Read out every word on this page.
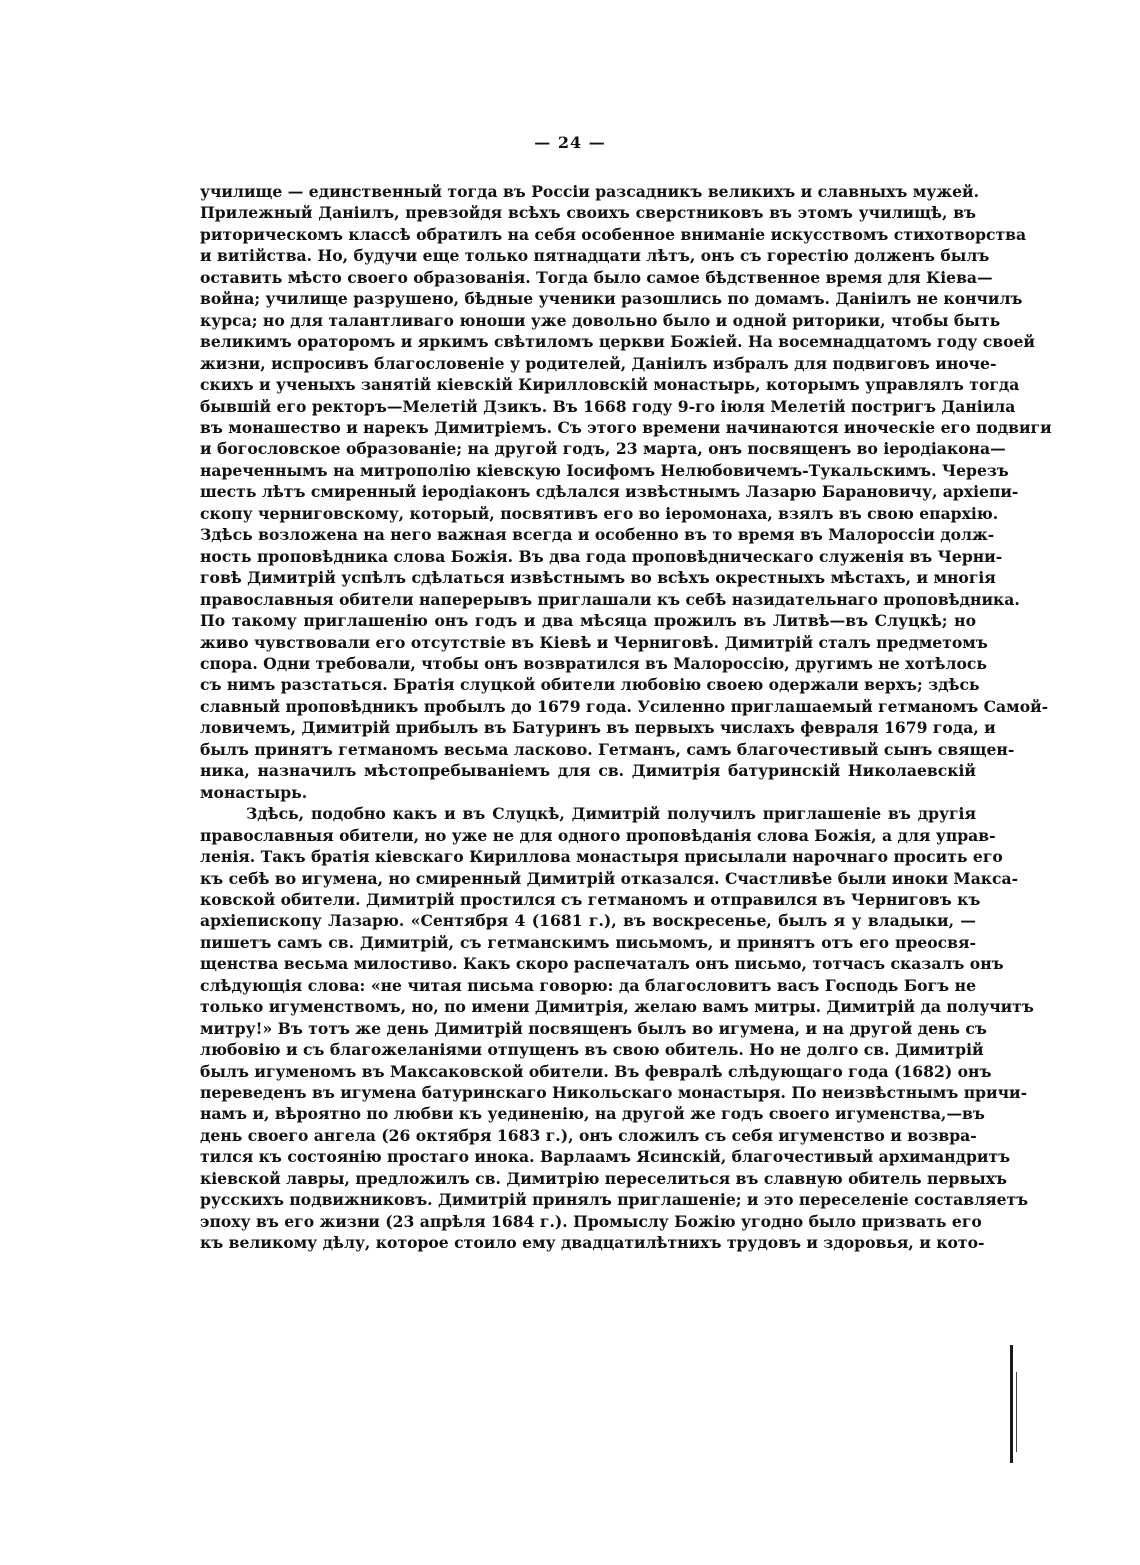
— 24 —
училище — единственный тогда въ Россіи разсадникъ великихъ и славныхъ мужей.
Прилежный Даніилъ, превзойдя всѣхъ своихъ сверстниковъ въ этомъ училищѣ, въ
риторическомъ классѣ обратилъ на себя особенное вниманіе искусствомъ стихотворства
и витійства. Но, будучи еще только пятнадцати лѣтъ, онъ съ горестію долженъ былъ
оставить мѣсто своего образованія. Тогда было самое бѣдственное время для Кіева—
война; училище разрушено, бѣдные ученики разошлись по домамъ. Даніилъ не кончилъ
курса; но для талантливаго юноши уже довольно было и одной риторики, чтобы быть
великимъ ораторомъ и яркимъ свѣтиломъ церкви Божіей. На восемнадцатомъ году своей
жизни, испросивъ благословеніе у родителей, Даніилъ избралъ для подвиговъ иноче-
скихъ и ученыхъ занятій кіевскій Кирилловскій монастырь, которымъ управлялъ тогда
бывшій его ректоръ—Мелетій Дзикъ. Въ 1668 году 9-го іюля Мелетій постригъ Даніила
въ монашество и нарекъ Димитріемъ. Съ этого времени начинаются иноческіе его подвиги
и богословское образованіе; на другой годъ, 23 марта, онъ посвященъ во іеродіакона—
нареченнымъ на митрополію кіевскую Іосифомъ Нелюбовичемъ-Тукальскимъ. Черезъ
шесть лѣтъ смиренный іеродіаконъ сдѣлался извѣстнымъ Лазарю Барановичу, архіепи-
скопу черниговскому, который, посвятивъ его во іеромонаха, взялъ въ свою епархію.
Здѣсь возложена на него важная всегда и особенно въ то время въ Малороссіи долж-
ность проповѣдника слова Божія. Въ два года проповѣдническаго служенія въ Черни-
говѣ Димитрій успѣлъ сдѣлаться извѣстнымъ во всѣхъ окрестныхъ мѣстахъ, и многія
православныя обители наперерывъ приглашали къ себѣ назидательнаго проповѣдника.
По такому приглашенію онъ годъ и два мѣсяца прожилъ въ Литвѣ—въ Слуцкѣ; но
живо чувствовали его отсутствіе въ Кіевѣ и Черниговѣ. Димитрій сталъ предметомъ
спора. Одни требовали, чтобы онъ возвратился въ Малороссію, другимъ не хотѣлось
съ нимъ разстаться. Братія слуцкой обители любовію своею одержали верхъ; здѣсь
славный проповѣдникъ пробылъ до 1679 года. Усиленно приглашаемый гетманомъ Самой-
ловичемъ, Димитрій прибылъ въ Батуринъ въ первыхъ числахъ февраля 1679 года, и
былъ принятъ гетманомъ весьма ласково. Гетманъ, самъ благочестивый сынъ священ-
ника, назначилъ мѣстопребываніемъ для св. Димитрія батуринскій Николаевскій
монастырь.
Здѣсь, подобно какъ и въ Слуцкѣ, Димитрій получилъ приглашеніе въ другія
православныя обители, но уже не для одного проповѣданія слова Божія, а для управ-
ленія. Такъ братія кіевскаго Кириллова монастыря присылали нарочнаго просить его
къ себѣ во игумена, но смиренный Димитрій отказался. Счастливѣе были иноки Макса-
ковской обители. Димитрій простился съ гетманомъ и отправился въ Черниговъ къ
архіепископу Лазарю. «Сентября 4 (1681 г.), въ воскресенье, былъ я у владыки, —
пишетъ самъ св. Димитрій, съ гетманскимъ письмомъ, и принятъ отъ его преосвя-
щенства весьма милостиво. Какъ скоро распечаталъ онъ письмо, тотчасъ сказалъ онъ
слѣдующія слова: «не читая письма говорю: да благословитъ васъ Господь Богъ не
только игуменствомъ, но, по имени Димитрія, желаю вамъ митры. Димитрій да получитъ
митру!» Въ тотъ же день Димитрій посвященъ былъ во игумена, и на другой день съ
любовію и съ благожеланіями отпущенъ въ свою обитель. Но не долго св. Димитрій
былъ игуменомъ въ Максаковской обители. Въ февралѣ слѣдующаго года (1682) онъ
переведенъ въ игумена батуринскаго Никольскаго монастыря. По неизвѣстнымъ причи-
намъ и, вѣроятно по любви къ уединенію, на другой же годъ своего игуменства,—въ
день своего ангела (26 октября 1683 г.), онъ сложилъ съ себя игуменство и возвра-
тился къ состоянію простаго инока. Варлаамъ Ясинскій, благочестивый архимандритъ
кіевской лавры, предложилъ св. Димитрію переселиться въ славную обитель первыхъ
русскихъ подвижниковъ. Димитрій принялъ приглашеніе; и это переселеніе составляетъ
эпоху въ его жизни (23 апрѣля 1684 г.). Промыслу Божію угодно было призвать его
къ великому дѣлу, которое стоило ему двадцатилѣтнихъ трудовъ и здоровья, и кото-
